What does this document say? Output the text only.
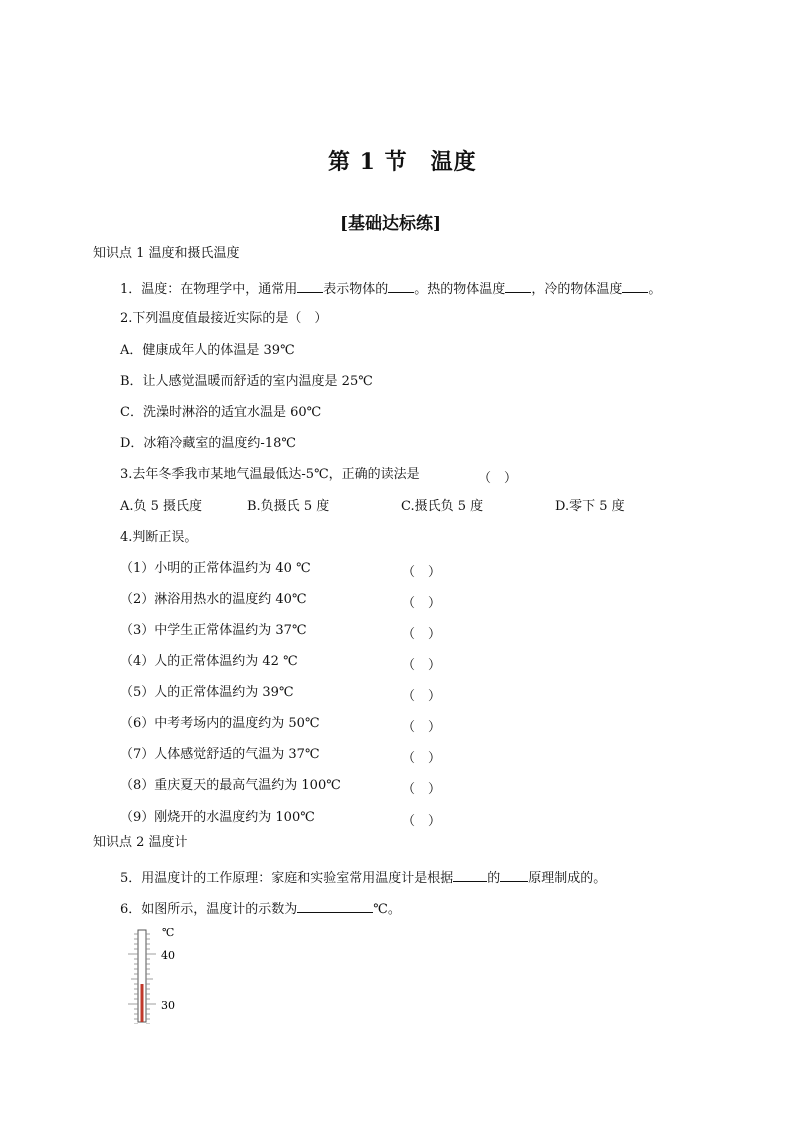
第 1 节　温度
[基础达标练]
知识点 1 温度和摄氏温度
1．温度：在物理学中，通常用 表示物体的 。热的物体温度 ，冷的物体温度 。
2.下列温度值最接近实际的是（　）
A．健康成年人的体温是 39℃
B．让人感觉温暖而舒适的室内温度是 25℃
C．洗澡时淋浴的适宜水温是 60℃
D．冰箱冷藏室的温度约-18℃
3.去年冬季我市某地气温最低达-5℃，正确的读法是	（　）
A.负 5 摄氏度	B.负摄氏 5 度	C.摄氏负 5 度	D.零下 5 度
4.判断正误。
（1）小明的正常体温约为 40 ℃	（　）
（2）淋浴用热水的温度约 40℃	（　）
（3）中学生正常体温约为 37℃	（　）
（4）人的正常体温约为 42 ℃	（　）
（5）人的正常体温约为 39℃	（　）
（6）中考考场内的温度约为 50℃	（　）
（7）人体感觉舒适的气温为 37℃	（　）
（8）重庆夏天的最高气温约为 100℃	（　）
（9）刚烧开的水温度约为 100℃	（　）
知识点 2 温度计
5．用温度计的工作原理：家庭和实验室常用温度计是根据	的 原理制成的。
6．如图所示，温度计的示数为	℃。
℃
40
30
